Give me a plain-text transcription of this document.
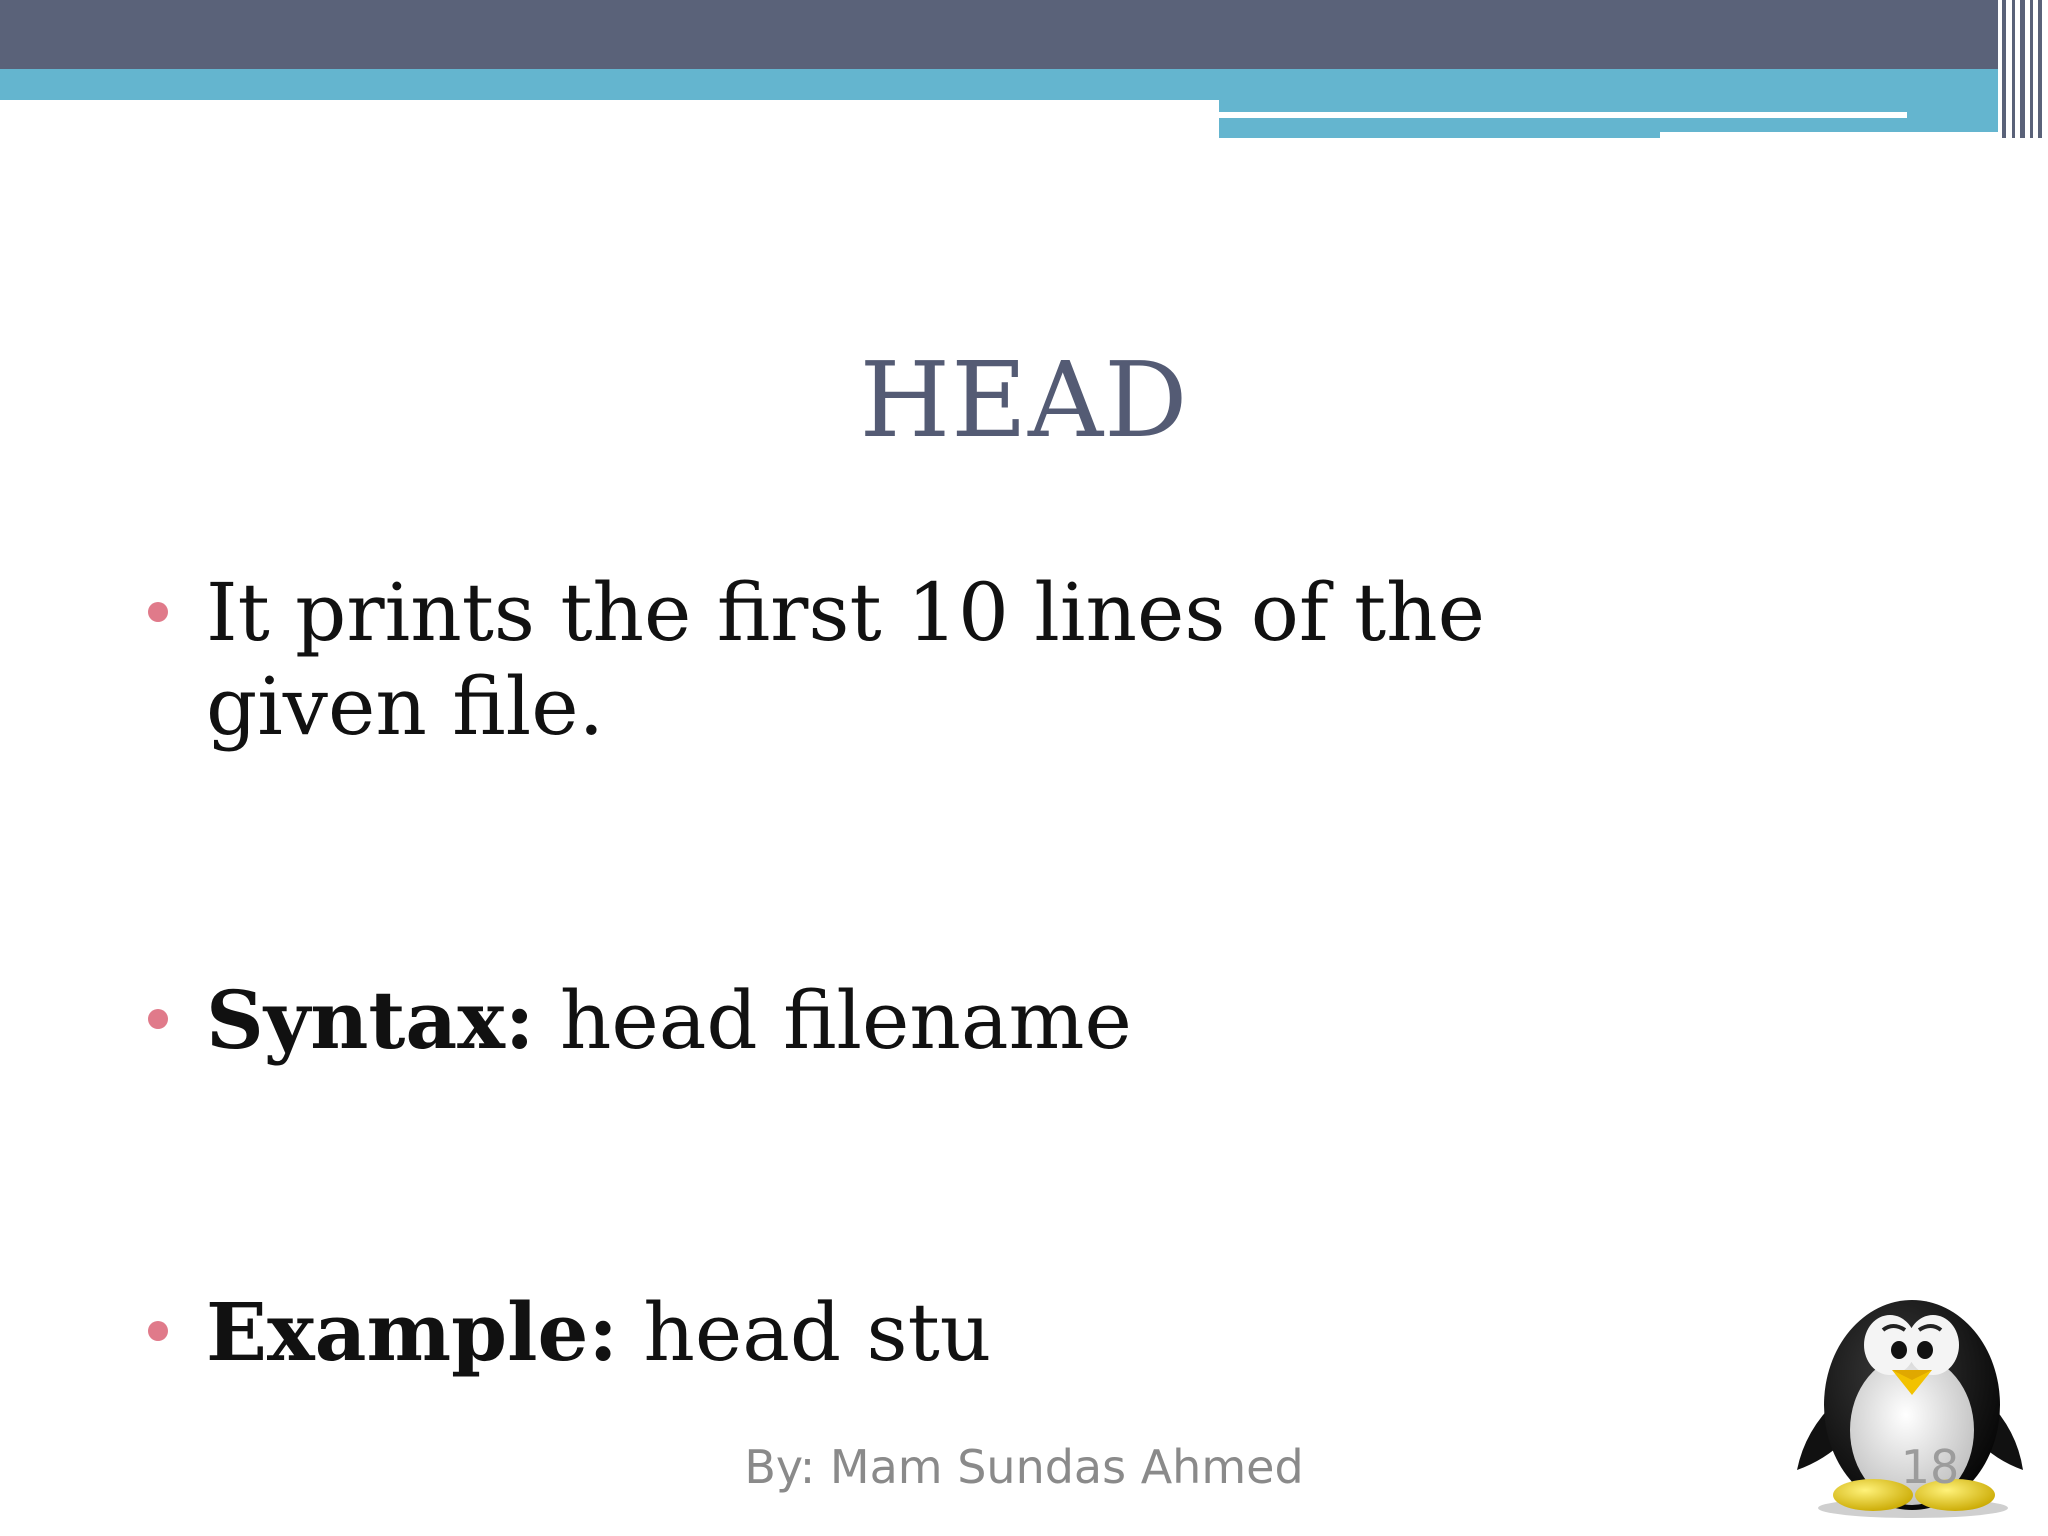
HEAD
It prints the first 10 lines of the given file.
Syntax: head filename
Example: head stu
By: Mam Sundas Ahmed	18
